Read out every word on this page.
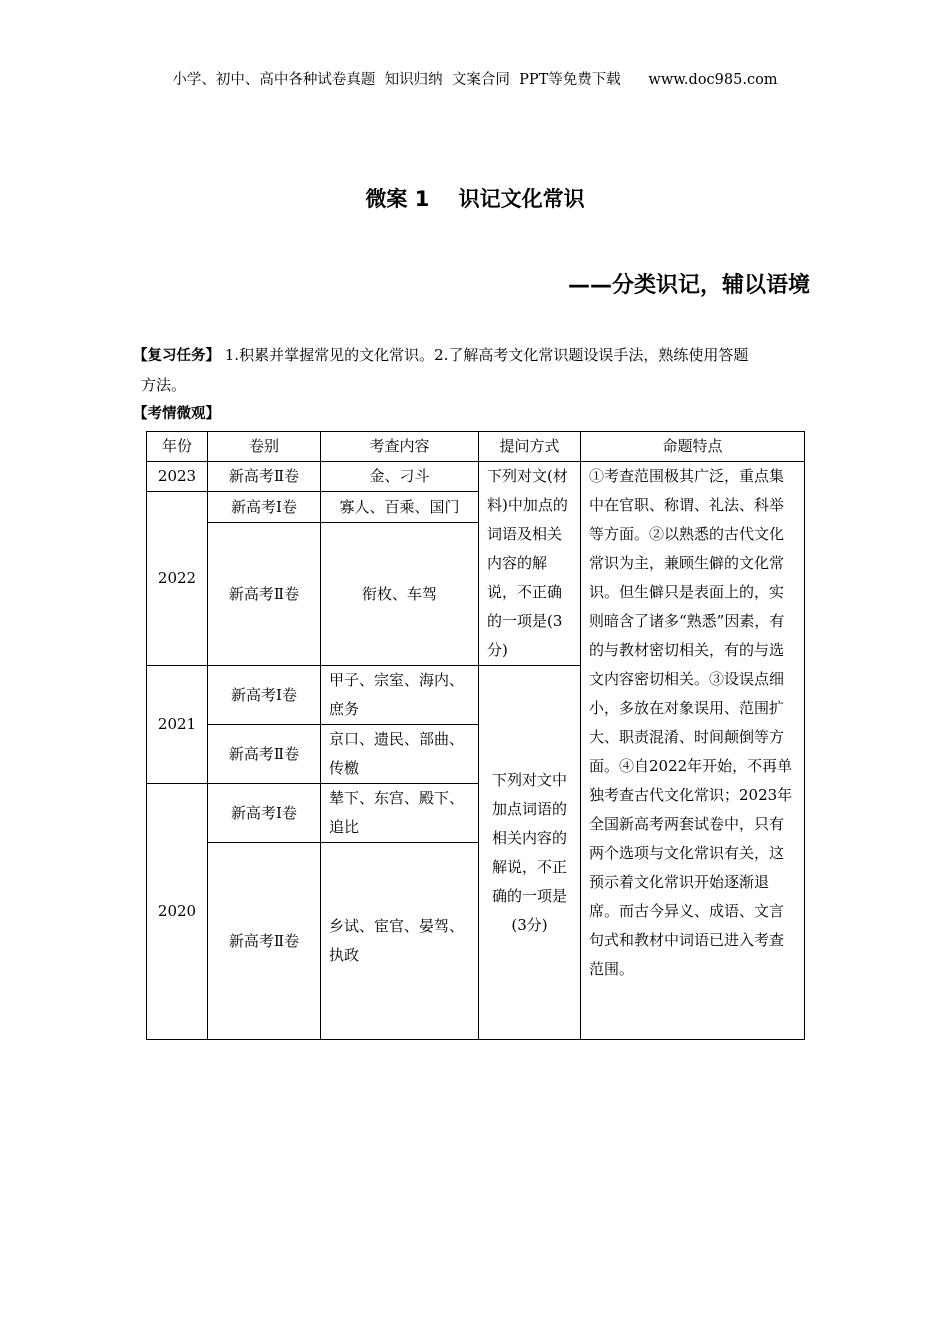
小学、初中、高中各种试卷真题  知识归纳  文案合同  PPT等免费下载      www.doc985.com
微案 1    识记文化常识
——分类识记，辅以语境
【复习任务】 1.积累并掌握常见的文化常识。2.了解高考文化常识题设误手法，熟练使用答题
方法。
【考情微观】
年份	卷别	考查内容	提问方式	命题特点
2023	新高考Ⅱ卷	金、刁斗	下列对文(材料)中加点的词语及相关内容的解说，不正确的一项是(3分)	①考查范围极其广泛，重点集中在官职、称谓、礼法、科举等方面。②以熟悉的古代文化常识为主，兼顾生僻的文化常识。但生僻只是表面上的，实则暗含了诸多“熟悉”因素，有的与教材密切相关，有的与选文内容密切相关。③设误点细小，多放在对象误用、范围扩大、职责混淆、时间颠倒等方面。④自2022年开始，不再单独考查古代文化常识；2023年全国新高考两套试卷中，只有两个选项与文化常识有关，这预示着文化常识开始逐渐退席。而古今异义、成语、文言句式和教材中词语已进入考查范围。
2022	新高考Ⅰ卷	寡人、百乘、国门		
	新高考Ⅱ卷	衔枚、车驾		
2021	新高考Ⅰ卷	甲子、宗室、海内、庶务	下列对文中加点词语的相关内容的解说，不正确的一项是(3分)	
	新高考Ⅱ卷	京口、遗民、部曲、传檄		
2020	新高考Ⅰ卷	辇下、东宫、殿下、追比		
	新高考Ⅱ卷	乡试、宦官、晏驾、执政		
